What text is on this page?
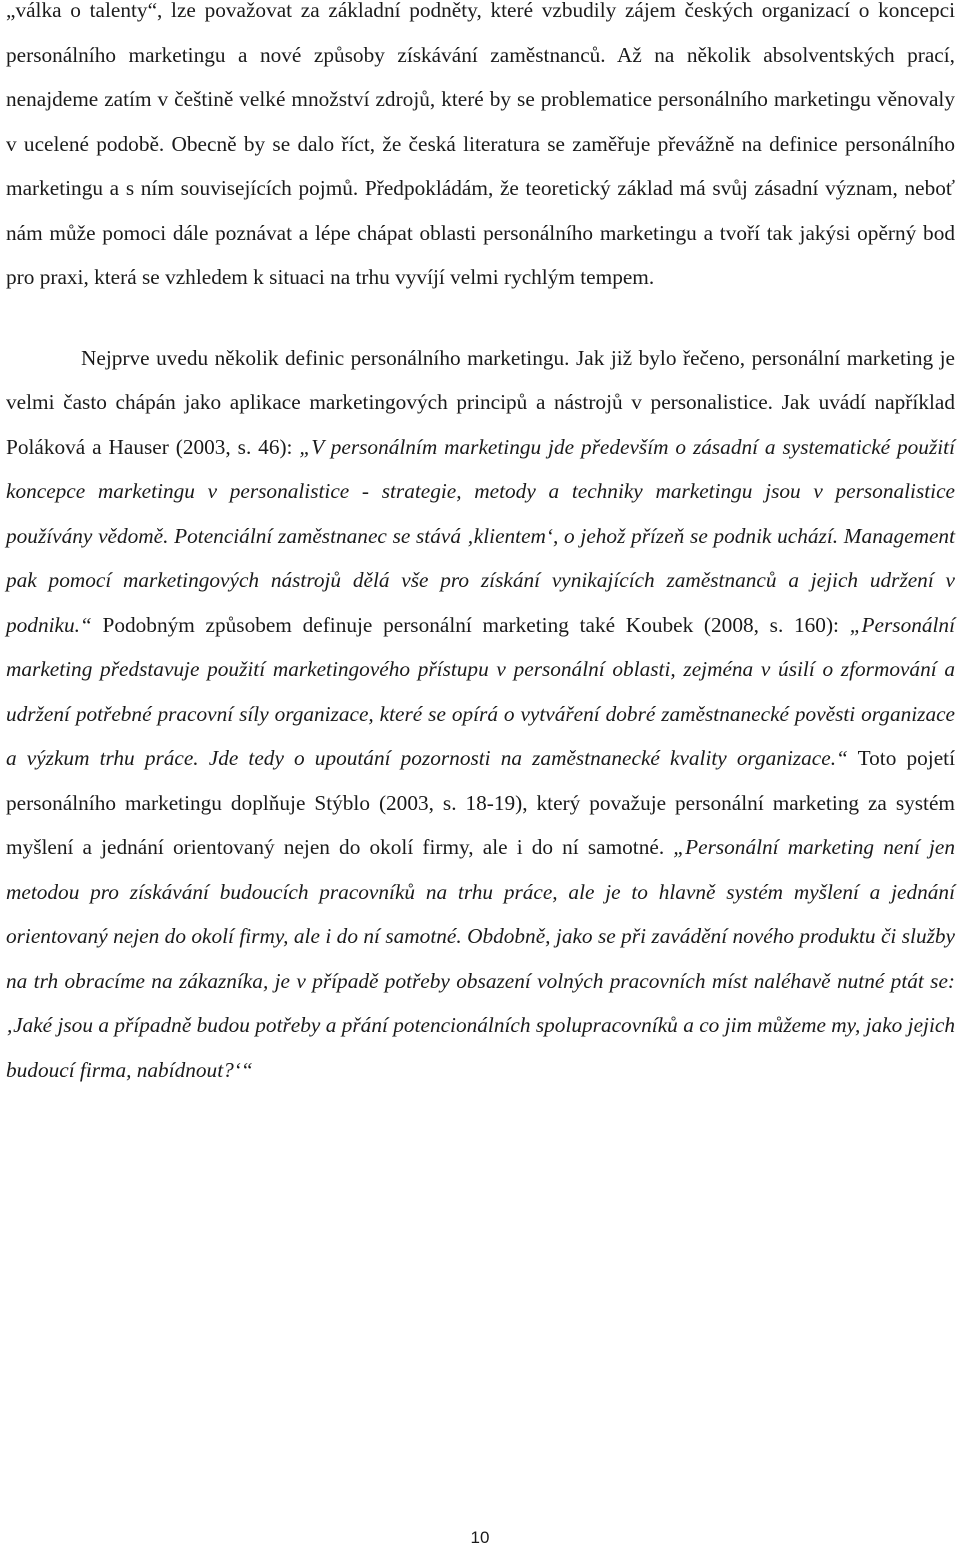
„válka o talenty“, lze považovat za základní podněty, které vzbudily zájem českých organizací o koncepci personálního marketingu a nové způsoby získávání zaměstnanců. Až na několik absolventských prací, nenajdeme zatím v češtině velké množství zdrojů, které by se problematice personálního marketingu věnovaly v ucelené podobě. Obecně by se dalo říct, že česká literatura se zaměřuje převážně na definice personálního marketingu a s ním souvisejících pojmů. Předpokládám, že teoretický základ má svůj zásadní význam, neboť nám může pomoci dále poznávat a lépe chápat oblasti personálního marketingu a tvoří tak jakýsi opěrný bod pro praxi, která se vzhledem k situaci na trhu vyvíjí velmi rychlým tempem.

Nejprve uvedu několik definic personálního marketingu. Jak již bylo řečeno, personální marketing je velmi často chápán jako aplikace marketingových principů a nástrojů v personalistice. Jak uvádí například Poláková a Hauser (2003, s. 46): „V personálním marketingu jde především o zásadní a systematické použití koncepce marketingu v personalistice - strategie, metody a techniky marketingu jsou v personalistice používány vědomě. Potenciální zaměstnanec se stává ‚klientem‘, o jehož přízeň se podnik uchází. Management pak pomocí marketingových nástrojů dělá vše pro získání vynikajících zaměstnanců a jejich udržení v podniku.“ Podobným způsobem definuje personální marketing také Koubek (2008, s. 160): „Personální marketing představuje použití marketingového přístupu v personální oblasti, zejména v úsilí o zformování a udržení potřebné pracovní síly organizace, které se opírá o vytváření dobré zaměstnanecké pověsti organizace a výzkum trhu práce. Jde tedy o upoutání pozornosti na zaměstnanecké kvality organizace.“ Toto pojetí personálního marketingu doplňuje Stýblo (2003, s. 18-19), který považuje personální marketing za systém myšlení a jednání orientovaný nejen do okolí firmy, ale i do ní samotné. „Personální marketing není jen metodou pro získávání budoucích pracovníků na trhu práce, ale je to hlavně systém myšlení a jednání orientovaný nejen do okolí firmy, ale i do ní samotné. Obdobně, jako se při zavádění nového produktu či služby na trh obracíme na zákazníka, je v případě potřeby obsazení volných pracovních míst naléhavě nutné ptát se: ‚Jaké jsou a případně budou potřeby a přání potencionálních spolupracovníků a co jim můžeme my, jako jejich budoucí firma, nabídnout?‘“

10
